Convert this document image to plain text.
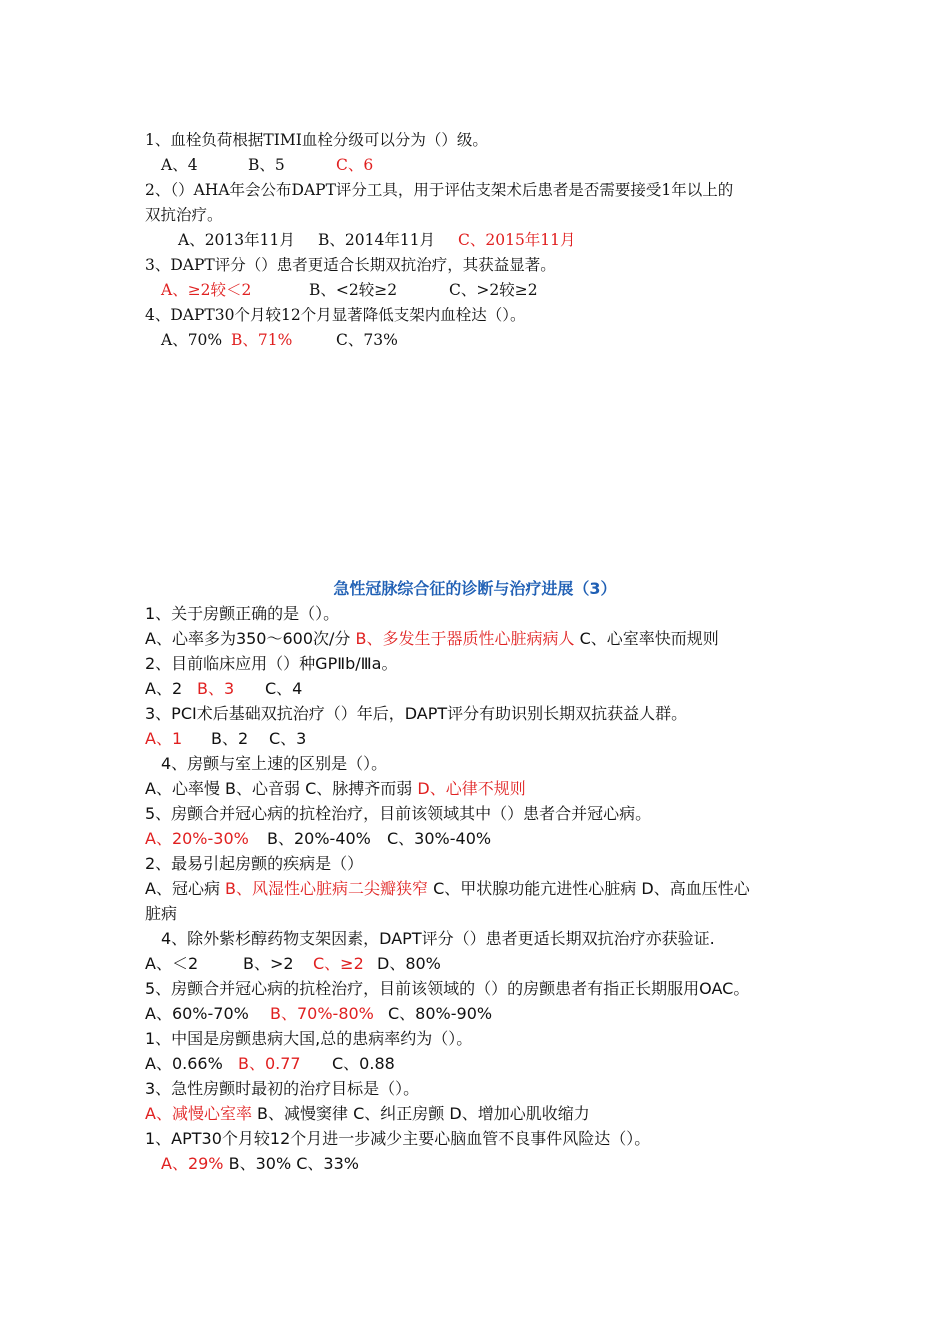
1、血栓负荷根据TIMI血栓分级可以分为（）级。
A、4	B、5	C、6
2、（）AHA年会公布DAPT评分工具，用于评估支架术后患者是否需要接受1年以上的
双抗治疗。
A、2013年11月 B、2014年11月 C、2015年11月
3、DAPT评分（）患者更适合长期双抗治疗，其获益显著。
A、≥2较＜2	B、<2较≥2	C、>2较≥2
4、DAPT30个月较12个月显著降低支架内血栓达（）。
A、70% B、71%	C、73%
急性冠脉综合征的诊断与治疗进展（3）
1、关于房颤正确的是（）。
A、心率多为350～600次/分 B、多发生于器质性心脏病病人 C、心室率快而规则
2、目前临床应用（）种GPⅡb/Ⅲa。
A、2 B、3 C、4
3、PCI术后基础双抗治疗（）年后，DAPT评分有助识别长期双抗获益人群。
A、1 B、2 C、3
4、房颤与室上速的区别是（）。
A、心率慢 B、心音弱 C、脉搏齐而弱 D、心律不规则
5、房颤合并冠心病的抗栓治疗，目前该领域其中（）患者合并冠心病。
A、20%-30% B、20%-40% C、30%-40%
2、最易引起房颤的疾病是（）
A、冠心病 B、风湿性心脏病二尖瓣狭窄 C、甲状腺功能亢进性心脏病 D、高血压性心
脏病
4、除外紫杉醇药物支架因素，DAPT评分（）患者更适长期双抗治疗亦获验证.
A、＜2	B、>2 C、≥2 D、80%
5、房颤合并冠心病的抗栓治疗，目前该领域的（）的房颤患者有指正长期服用OAC。
A、60%-70% B、70%-80% C、80%-90%
1、中国是房颤患病大国,总的患病率约为（）。
A、0.66% B、0.77 C、0.88
3、急性房颤时最初的治疗目标是（）。
A、减慢心室率 B、减慢窦律 C、纠正房颤 D、增加心肌收缩力
1、APT30个月较12个月进一步减少主要心脑血管不良事件风险达（）。
A、29% B、30% C、33%
